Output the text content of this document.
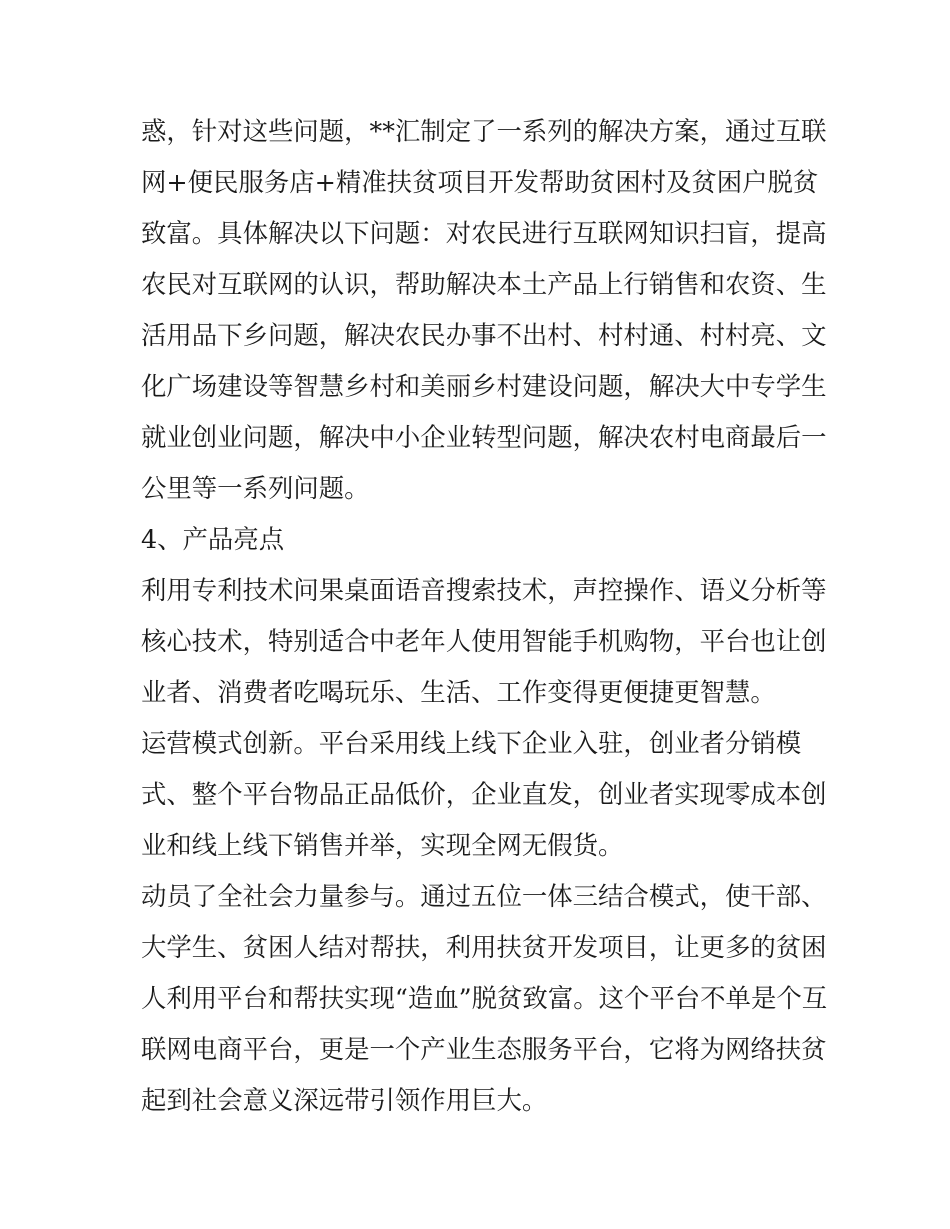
惑，针对这些问题，**汇制定了一系列的解决方案，通过互联
网+便民服务店+精准扶贫项目开发帮助贫困村及贫困户脱贫
致富。具体解决以下问题：对农民进行互联网知识扫盲，提高
农民对互联网的认识，帮助解决本土产品上行销售和农资、生
活用品下乡问题，解决农民办事不出村、村村通、村村亮、文
化广场建设等智慧乡村和美丽乡村建设问题，解决大中专学生
就业创业问题，解决中小企业转型问题，解决农村电商最后一
公里等一系列问题。
4、产品亮点
利用专利技术问果桌面语音搜索技术，声控操作、语义分析等
核心技术，特别适合中老年人使用智能手机购物，平台也让创
业者、消费者吃喝玩乐、生活、工作变得更便捷更智慧。
运营模式创新。平台采用线上线下企业入驻，创业者分销模
式、整个平台物品正品低价，企业直发，创业者实现零成本创
业和线上线下销售并举，实现全网无假货。
动员了全社会力量参与。通过五位一体三结合模式，使干部、
大学生、贫困人结对帮扶，利用扶贫开发项目，让更多的贫困
人利用平台和帮扶实现“造血”脱贫致富。这个平台不单是个互
联网电商平台，更是一个产业生态服务平台，它将为网络扶贫
起到社会意义深远带引领作用巨大。
